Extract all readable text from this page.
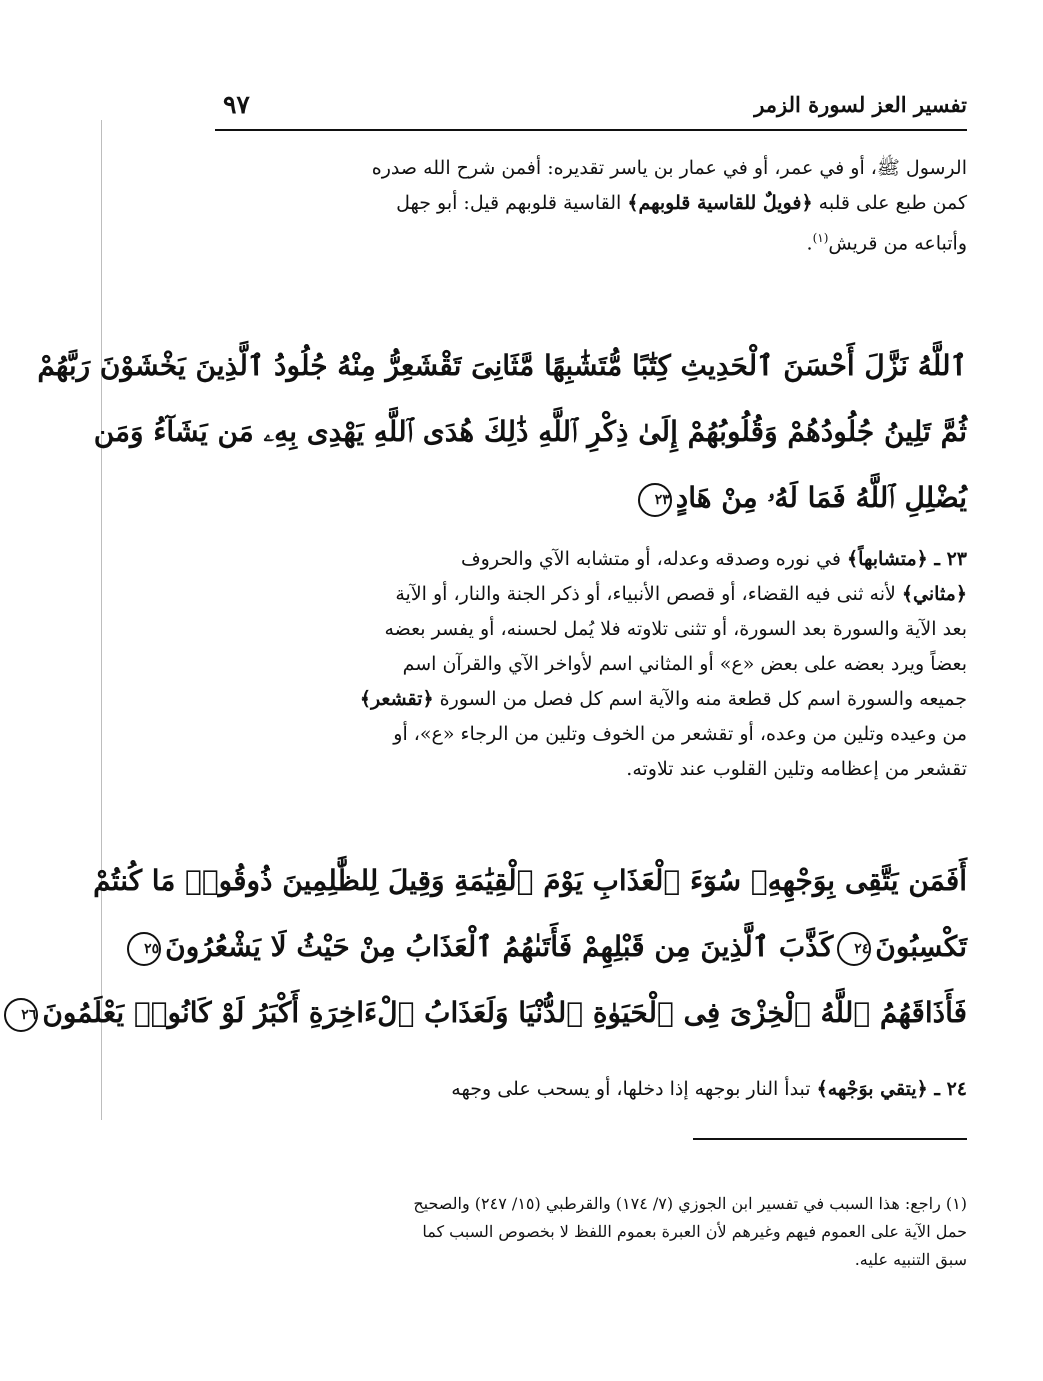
تفسير العز لسورة الزمر
٩٧
الرسول ﷺ، أو في عمر، أو في عمار بن ياسر تقديره: أفمن شرح الله صدره
كمن طبع على قلبه ﴿فويلٌ للقاسية قلوبهم﴾ القاسية قلوبهم قيل: أبو جهل
وأتباعه من قريش$^{(١)}$.
ٱللَّهُ نَزَّلَ أَحْسَنَ ٱلْحَدِيثِ كِتَٰبًا مُّتَشَٰبِهًا مَّثَانِىَ تَقْشَعِرُّ مِنْهُ جُلُودُ ٱلَّذِينَ يَخْشَوْنَ رَبَّهُمْ
ثُمَّ تَلِينُ جُلُودُهُمْ وَقُلُوبُهُمْ إِلَىٰ ذِكْرِ ٱللَّهِ ذَٰلِكَ هُدَى ٱللَّهِ يَهْدِى بِهِۦ مَن يَشَآءُ وَمَن
يُضْلِلِ ٱللَّهُ فَمَا لَهُۥ مِنْ هَادٍ٢٣
٢٣ ـ ﴿متشابهاً﴾ في نوره وصدقه وعدله، أو متشابه الآي والحروف
﴿مثاني﴾ لأنه ثنى فيه القضاء، أو قصص الأنبياء، أو ذكر الجنة والنار، أو الآية
بعد الآية والسورة بعد السورة، أو تثنى تلاوته فلا يُمل لحسنه، أو يفسر بعضه
بعضاً ويرد بعضه على بعض «ع» أو المثاني اسم لأواخر الآي والقرآن اسم
جميعه والسورة اسم كل قطعة منه والآية اسم كل فصل من السورة ﴿تقشعر﴾
من وعيده وتلين من وعده، أو تقشعر من الخوف وتلين من الرجاء «ع»، أو
تقشعر من إعظامه وتلين القلوب عند تلاوته.
أَفَمَن يَتَّقِى بِوَجْهِهِۦ سُوٓءَ ٱلْعَذَابِ يَوْمَ ٱلْقِيَٰمَةِ وَقِيلَ لِلظَّٰلِمِينَ ذُوقُوا۟ مَا كُنتُمْ
تَكْسِبُونَ٢٤كَذَّبَ ٱلَّذِينَ مِن قَبْلِهِمْ فَأَتَىٰهُمُ ٱلْعَذَابُ مِنْ حَيْثُ لَا يَشْعُرُونَ٢٥
فَأَذَاقَهُمُ ٱللَّهُ ٱلْخِزْىَ فِى ٱلْحَيَوٰةِ ٱلدُّنْيَا وَلَعَذَابُ ٱلْءَاخِرَةِ أَكْبَرُ لَوْ كَانُوا۟ يَعْلَمُونَ٢٦
٢٤ ـ ﴿يتقي بوَجْهه﴾ تبدأ النار بوجهه إذا دخلها، أو يسحب على وجهه
(١) راجع: هذا السبب في تفسير ابن الجوزي (٧/ ١٧٤) والقرطبي (١٥/ ٢٤٧) والصحيح
حمل الآية على العموم فيهم وغيرهم لأن العبرة بعموم اللفظ لا بخصوص السبب كما
سبق التنبيه عليه.
